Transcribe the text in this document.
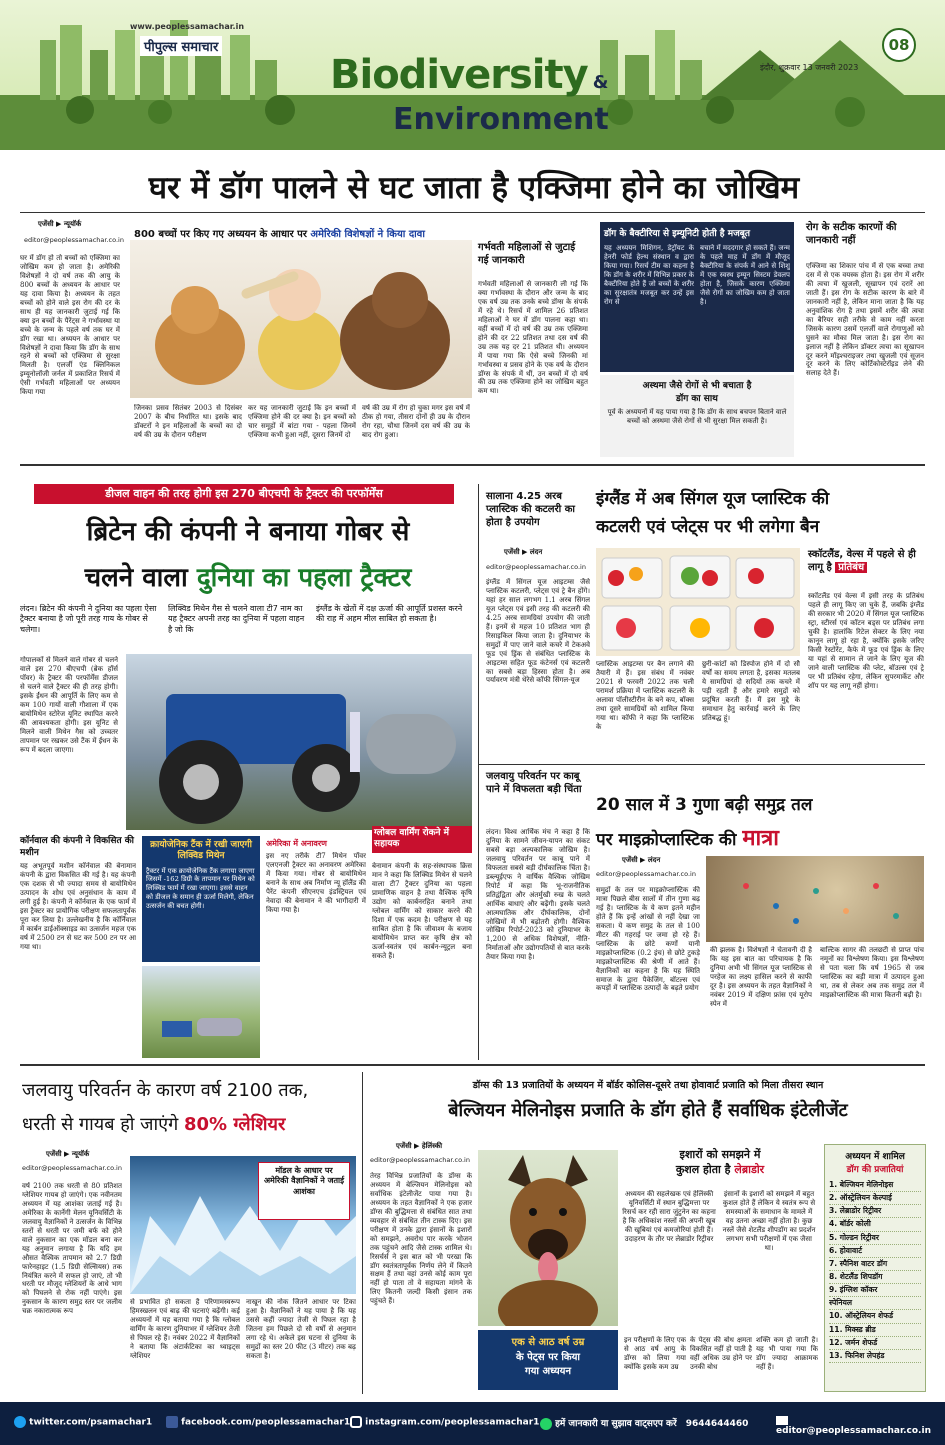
www.peoplessamachar.in
पीपुल्स समाचार
Biodiversity &
Environment
इंदौर, शुक्रवार 13 जनवरी 2023
08
घर में डॉग पालने से घट जाता है एक्जिमा होने का जोखिम
एजेंसी ▶ न्यूयॉर्क
editor@peoplessamachar.co.in
घर में डॉग हो तो बच्चों को एक्जिमा का जोखिम कम हो जाता है। अमेरिकी विशेषज्ञों ने दो वर्ष तक की आयु के 800 बच्चों के अध्ययन के आधार पर यह दावा किया है। अध्ययन के तहत बच्चों को होने वाले इस रोग की दर के साथ ही यह जानकारी जुटाई गई कि क्या इन बच्चों के पैरेंट्स ने गर्भावस्था या बच्चे के जन्म के पहले वर्ष तक घर में डॉग रखा था। अध्ययन के आधार पर विशेषज्ञों ने दावा किया कि डॉग के साथ रहने से बच्चों को एक्जिमा से सुरक्षा मिलती है। एलर्जी एंड क्लिनिकल इम्यूनोलॉजी जर्नल में प्रकाशित रिसर्च में ऐसी गर्भवती महिलाओं पर अध्ययन किया गया
800 बच्चों पर किए गए अध्ययन के आधार पर अमेरिकी विशेषज्ञों ने किया दावा
जिनका प्रसव सितंबर 2003 से दिसंबर 2007 के बीच निर्धारित था। इसके बाद डॉक्टरों ने इन महिलाओं के बच्चों का दो वर्ष की उम्र के दौरान परीक्षण
कर यह जानकारी जुटाई कि इन बच्चों में एक्जिमा होने की दर क्या है। इन बच्चों को चार समूहों में बांटा गया - पहला जिनमें एक्जिमा कभी हुआ नहीं, दूसरा जिनमें दो
वर्ष की उम्र में रोग हो चुका मगर इस वर्ष में ठीक हो गया, तीसरा दोनों ही उम्र के दौरान रोग रहा, चौथा जिनमें दस वर्ष की उम्र के बाद रोग हुआ।
गर्भवती महिलाओं से जुटाई गई जानकारी
गर्भवती महिलाओं से जानकारी ली गई कि क्या गर्भावस्था के दौरान और जन्म के बाद एक वर्ष उम्र तक उनके बच्चे डॉग्स के संपर्क में रहे थे। रिसर्च में शामिल 26 प्रतिशत महिलाओं ने घर में डॉग पालना कहा था। वहीं बच्चों में दो वर्ष की उम्र तक एक्जिमा होने की दर 22 प्रतिशत तथा दस वर्ष की उम्र तक यह दर 21 प्रतिशत थी। अध्ययन में पाया गया कि ऐसे बच्चे जिनकी मां गर्भावस्था व प्रसव होने के एक वर्ष के दौरान डॉग्स के संपर्क में थीं, उन बच्चों में दो वर्ष की उम्र तक एक्जिमा होने का जोखिम बहुत कम था।
डॉग के बैक्टीरिया से इम्यूनिटी होती है मजबूत
यह अध्ययन मिशिगन, डेट्रॉयट के हेनरी फोर्ड हेल्थ संस्थान व द्वारा किया गया। रिसर्च टीम का कहना है कि डॉग के शरीर में विभिन्न प्रकार के बैक्टीरिया होते हैं जो बच्चों के शरीर का सुरक्षातंत्र मजबूत कर उन्हें इस रोग से
बचाने में मददगार हो सकते हैं। जन्म के पहले माह में डॉग में मौजूद बैक्टीरिया के संपर्क में आने से शिशु में एक स्वस्थ इम्यून सिस्टम डेवलप होता है, जिसके कारण एक्जिमा जैसे रोगों का जोखिम कम हो जाता है।
अस्थमा जैसे रोगों से भी बचाता है डॉग का साथ
पूर्व के अध्ययनों में यह पाया गया है कि डॉग के साथ बचपन बिताने वाले बच्चों को अस्थमा जैसे रोगों से भी सुरक्षा मिल सकती है।
रोग के सटीक कारणों की जानकारी नहीं
एक्जिमा का शिकार पांच में से एक बच्चा तथा दस में से एक वयस्क होता है। इस रोग में शरीर की त्वचा में खुजली, सूखापन एवं दरारें आ जाती हैं। इस रोग के सटीक कारण के बारे में जानकारी नहीं है, लेकिन माना जाता है कि यह अनुवांशिक रोग है तथा इसमें शरीर की त्वचा का बैरियर सही तरीके से काम नहीं करता जिसके कारण उसमें एलर्जी वाले रोगाणुओं को घुसने का मौका मिल जाता है। इस रोग का इलाज नहीं है लेकिन डॉक्टर त्वचा का सूखापन दूर करने मॉइश्चराइजर तथा खुजली एवं सूजन दूर करने के लिए कोर्टिकोस्टेरॉइड लेने की सलाह देते हैं।
डीजल वाहन की तरह होगी इस 270 बीएचपी के ट्रैक्टर की परफॉर्मेंस
ब्रिटेन की कंपनी ने बनाया गोबर से
चलने वाला दुनिया का पहला ट्रैक्टर
लंदन। ब्रिटेन की कंपनी ने दुनिया का पहला ऐसा ट्रैक्टर बनाया है जो पूरी तरह गाय के गोबर से चलेगा।
लिक्विड मिथेन गैस से चलने वाला टी7 नाम का यह ट्रैक्टर अपनी तरह का दुनिया में पहला वाहन है जो कि
इंग्लैंड के खेतों में दक्ष ऊर्जा की आपूर्ति प्रशस्त करने की राह में अहम मील साबित हो सकता है।
गोपालकों से मिलने वाले गोबर से चलने वाले इस 270 बीएचपी (ब्रेक हॉर्स पॉवर) के ट्रैक्टर की परफॉर्मेंस डीजल से चलने वाले ट्रैक्टर की ही तरह होगी। इसके ईंधन की आपूर्ति के लिए कम से कम 100 गायों वाली गौशाला में एक बायोमिथेन स्टोरेज यूनिट स्थापित करने की आवश्यकता होगी। इस यूनिट से मिलने वाली मिथेन गैस को उच्चतर तापमान पर रखकर उसे टैंक में ईंधन के रूप में बदला जाएगा।
कॉर्नवाल की कंपनी ने विकसित की मशीन
यह अभूतपूर्व मशीन कॉर्नवाल की बेनामान कंपनी के द्वारा विकसित की गई है। यह कंपनी एक दशक से भी ज्यादा समय से बायोमिथेन उत्पादन के शोध एवं अनुसंधान के काम में लगी हुई है। कंपनी ने कॉर्नवाल के एक फार्म में इस ट्रैक्टर का प्रायोगिक परीक्षण सफलतापूर्वक पूरा कर लिया है। उल्लेखनीय है कि कॉर्निवाल में कार्बन डाईऑक्साइड का उत्सर्जन महज एक वर्ष में 2500 टन से घट कर 500 टन पर आ गया था।
क्रायोजेनिक टैंक में रखी जाएगी लिक्विड मिथेन
ट्रैक्टर में एक क्रायोजेनिक टैंक लगाया जाएगा जिसमें -162 डिग्री के तापमान पर मिथेन को लिक्विड फार्म में रखा जाएगा। इससे वाहन को डीजल के समान ही ऊर्जा मिलेगी, लेकिन उत्सर्जन की बचत होगी।
अमेरिका में अनावरण
इस नए तरीके टी7 मिथेन पॉवर एलएनजी ट्रैक्टर का अनावरण अमेरिका में किया गया। गोबर से बायोमिथेन बनाने के साथ अब निर्माण न्यू हॉलैंड की पैरेंट कंपनी सीएनएच इंडस्ट्रियल एवं नेवादा की बेनामान ने की भागीदारी में किया गया है।
ग्लोबल वार्मिंग रोकने में सहायक
बेनामान कंपनी के सह-संस्थापक क्रिस मान ने कहा कि लिक्विड मिथेन से चलने वाला टी7 ट्रैक्टर दुनिया का पहला प्रामाणिक वाहन है तथा वैश्विक कृषि उद्योग को कार्बनरहित बनाने तथा ग्लोबल वार्मिंग को साकार करने की दिशा में एक कदम है। परीक्षण से यह साबित होता है कि जीवाश्म के बजाय बायोमिथेन प्राप्त कर कृषि क्षेत्र को ऊर्जा-स्वतंत्र एवं कार्बन-न्यूट्रल बना सकते हैं।
सालाना 4.25 अरब प्लास्टिक की कटलरी का होता है उपयोग
एजेंसी ▶ लंदन
editor@peoplessamachar.co.in
इंग्लैंड में सिंगल यूज आइटम्स जैसे प्लास्टिक कटलरी, प्लेट्स एवं ट्रे बैन होंगे। यहां हर साल लगभग 1.1 अरब सिंगल यूज प्लेट्स एवं इसी तरह की कटलरी की 4.25 अरब सामग्रियां उपयोग की जाती हैं। इनमें से महज 10 प्रतिशत भाग ही रिसाइकिल किया जाता है। दुनियाभर के समुद्रों में पाए जाने वाले कचरे में टेकअवे फूड एवं ड्रिंक से संबंधित प्लास्टिक के आइटम्स सहित फूड कंटेनर्स एवं कटलरी का सबसे बड़ा हिस्सा होता है। अब पर्यावरण मंत्री थेरेसे कॉफी सिंगल-यूज
इंग्लैंड में अब सिंगल यूज प्लास्टिक की
कटलरी एवं प्लेट्स पर भी लगेगा बैन
स्कॉटलैंड, वेल्स में पहले से ही लागू है प्रतिबंध
स्कॉटलैंड एवं वेल्स में इसी तरह के प्रतिबंध पहले ही लागू किए जा चुके हैं, जबकि इंग्लैंड की सरकार भी 2020 में सिंगल यूज प्लास्टिक स्ट्रा, स्टीरर्स एवं कॉटन बड्स पर प्रतिबंध लगा चुकी है। हालांकि रिटेल सेक्टर के लिए नया कानून लागू हो रहा है, क्योंकि इसके जरिए किसी रेस्टोरेंट, कैफे में फूड एवं ड्रिंक के लिए या यहां से सामान ले जाने के लिए यूज की जाने वाली प्लास्टिक की प्लेट, बॉउल्स एवं ट्रे पर भी प्रतिबंध रहेगा, लेकिन सुपरमार्केट और शॉप पर यह लागू नहीं होगा।
प्लास्टिक आइटम्स पर बैन लगाने की तैयारी में हैं। इस संबंध में नवंबर 2021 से फरवरी 2022 तक चली परामर्श प्रक्रिया में प्लास्टिक कटलरी के अलावा पॉलीस्टीरीन के बने कप, बॉक्स तथा दूसरे सामग्रियों को शामिल किया गया था। कॉफी ने कहा कि प्लास्टिक के
छुरी-कांटों को डिस्पोज होने में दो सौ वर्षों का समय लगता है, इसका मतलब ये सामग्रियां दो सदियों तक कचरे में पड़ी रहती हैं और हमारे समुद्रों को प्रदूषित करती हैं। मैं इस मुद्दे के समाधान हेतु कार्रवाई करने के लिए प्रतिबद्ध हूं।
जलवायु परिवर्तन पर काबू पाने में विफलता बड़ी चिंता
लंदन। विश्व आर्थिक मंच ने कहा है कि दुनिया के सामने जीवन-यापन का संकट सबसे बड़ा अल्पकालिक जोखिम है। जलवायु परिवर्तन पर काबू पाने में विफलता सबसे बड़ी दीर्घकालिक चिंता है। डब्ल्यूईएफ ने वार्षिक वैश्विक जोखिम रिपोर्ट में कहा कि भू-राजनीतिक प्रतिद्वंद्विता और अंतर्मुखी रुख के चलते आर्थिक बाधाएं और बढ़ेंगी। इसके चलते आत्मघातिक और दीर्घकालिक, दोनों जोखिमों में भी बढ़ोतरी होगी। वैश्विक जोखिम रिपोर्ट-2023 को दुनियाभर के 1,200 से अधिक विशेषज्ञों, नीति-निर्माताओं और उद्योगपतियों से बात करके तैयार किया गया है।
20 साल में 3 गुणा बढ़ी समुद्र तल
पर माइक्रोप्लास्टिक की मात्रा
एजेंसी ▶ लंदन
editor@peoplessamachar.co.in
समुद्रों के तल पर माइक्रोप्लास्टिक की मात्रा पिछले बीस सालों में तीन गुणा बढ़ गई है। प्लास्टिक के ये कण इतने महीन होते हैं कि इन्हें आंखों से नहीं देखा जा सकता। ये कण समुद्र के तल से 100 मीटर की गहराई पर जमा हो रहे हैं। प्लास्टिक के छोटे कणों यानी माइक्रोप्लास्टिक (0.2 इंच) से छोटे टुकड़े माइक्रोप्लास्टिक की श्रेणी में आते हैं। वैज्ञानिकों का कहना है कि यह स्थिति समाज के द्वारा पैकेजिंग, बॉटल्स एवं कपड़ों में प्लास्टिक उत्पादों के बढ़ते प्रयोग
की झलक है। विशेषज्ञों ने चेतावनी दी है कि यह इस बात का परिचायक है कि दुनिया अभी भी सिंगल यूज प्लास्टिक से परहेज का लक्ष्य हासिल करने से काफी दूर है। इस अध्ययन के तहत वैज्ञानिकों ने नवंबर 2019 में दक्षिण फ्रांस एवं यूरोप स्पेन में
बाल्टिक सागर की तलछटी से प्राप्त पांच नमूनों का विश्लेषण किया। इस विश्लेषण से पता चला कि वर्ष 1965 से जब प्लास्टिक का बड़ी मात्रा में उत्पादन हुआ था, तब से लेकर अब तक समुद्र तल में माइक्रोप्लास्टिक की मात्रा कितनी बढ़ी है।
जलवायु परिवर्तन के कारण वर्ष 2100 तक,
धरती से गायब हो जाएंगे 80% ग्लेशियर
एजेंसी ▶ न्यूयॉर्क
editor@peoplessamachar.co.in
वर्ष 2100 तक धरती से 80 प्रतिशत ग्लेशियर गायब हो जाएंगे। एक नवीनतम अध्ययन में यह आशंका जताई गई है। अमेरिका के कार्नेगी मेलन यूनिवर्सिटी के जलवायु वैज्ञानिकों ने उत्सर्जन के विभिन्न स्तरों से धरती पर जमी बर्फ को होने वाले नुकसान का एक मॉडल बना कर यह अनुमान लगाया है कि यदि हम औसत वैश्विक तापमान को 2.7 डिग्री फारेनहाइट (1.5 डिग्री सेल्सियस) तक नियंत्रित करने में सफल हो जाएं, तो भी धरती पर मौजूद ग्लेशियरों के आधे भाग को पिघलने से रोक नहीं पाएंगे। इस नुकसान के कारण समुद्र स्तर पर जलीय चक्र नकारात्मक रूप
मॉडल के आधार पर अमेरिकी वैज्ञानिकों ने जताई आशंका
से प्रभावित हो सकता है परिणामस्वरूप हिमस्खलन एवं बाढ़ की घटनाएं बढ़ेंगी। कई अध्ययनों में यह बताया गया है कि ग्लोबल वार्मिंग के कारण दुनियाभर में ग्लेशियर तेजी से पिघल रहे हैं। नवंबर 2022 में वैज्ञानिकों ने बताया कि अंटार्कटिका का थ्वाइट्स ग्लेशियर
नाखून की नोक जितने आधार पर टिका हुआ है। वैज्ञानिकों ने यह पाया है कि यह उससे कहीं ज्यादा तेजी से पिघल रहा है जितना हम पिछले दो सौ वर्षों से अनुमान लगा रहे थे। अकेले इस घटना से दुनिया के समुद्रों का स्तर 20 फीट (3 मीटर) तक बढ़ सकता है।
डॉग्स की 13 प्रजातियों के अध्ययन में बॉर्डर कोलिस-दूसरे तथा होवावार्ट प्रजाति को मिला तीसरा स्थान
बेल्जियन मेलिनोइस प्रजाति के डॉग होते हैं सर्वाधिक इंटेलीजेंट
एजेंसी ▶ हेलिंस्की
editor@peoplessamachar.co.in
तेरह विभिन्न प्रजातियों के डॉग्स के अध्ययन में बेल्जियन मेलिनोइस को सर्वाधिक इंटेलीजेंट पाया गया है। अध्ययन के तहत वैज्ञानिकों ने एक हजार डॉग्स की बुद्धिमत्ता से संबंधित सात तथा व्यवहार से संबंधित तीन टास्क दिए। इस परीक्षण में उनके द्वारा इंसानों के इशारों को समझने, अवरोध पार करके भोजन तक पहुंचने आदि जैसे टास्क शामिल थे। रिसर्चर्स ने इस बात को भी परखा कि डॉग स्वतंत्रतापूर्वक निर्णय लेने में कितने सक्षम हैं तथा वहां उनसे कोई काम पूरा नहीं हो पाता तो वे सहायता मांगने के लिए कितनी जल्दी किसी इंसान तक पहुंचते हैं।
इशारों को समझने में
कुशल होता है लेब्राडोर
अध्ययन की सहलेखक एवं हेलिंस्की यूनिवर्सिटी में स्थान बुद्धिमत्ता पर रिसर्च कर रही सारा जुंटुनेन का कहना है कि अधिकांश नस्लों की अपनी खूब की खूबियां एवं कमजोरियां होती हैं। उदाहरण के तौर पर लेब्राडोर रिट्रीवर
इंसानों के इशारों को समझने में बहुत कुशल होते हैं लेकिन ये स्वतंत्र रूप से समस्याओं के समाधान के मामले में वह उतना अच्छा नहीं होता है। कुछ नस्लें जैसे शेटलैंड शीपडॉग का प्रदर्शन लगभग सभी परीक्षणों में एक जैसा था।
एक से आठ वर्ष उम्र
के पेट्स पर किया
गया अध्ययन
इन परीक्षणों के लिए एक से आठ वर्ष आयु के डॉग्स को लिया गया क्योंकि इसके कम उम्र
के पेट्स की बोध क्षमता विकसित नहीं हो पाती है वहीं अधिक उम्र होने पर उनकी बोध
शक्ति कम हो जाती है। यह भी पाया गया कि डॉग ज्यादा आक्रामक नहीं हैं।
अध्ययन में शामिल
डॉग की प्रजातियां
1. बेल्जियन मेलिनोइस
2. ऑस्ट्रेलियन केल्पाई
3. लेब्राडोर रिट्रीवर
4. बॉर्डर कोली
5. गोल्डन रिट्रीवर
6. होवावार्ट
7. स्पैनिश वाटर डॉग
8. शेटलैंड शिपडॉग
9. इंग्लिश कॉकर
स्पेनियल
10. ऑस्ट्रेलियन शेफर्ड
11. मिक्स्ड ब्रीड
12. जर्मन शेफर्ड
13. फिनिश लेपहंड
twitter.com/psamachar1	facebook.com/peoplessamachar1	instagram.com/peoplessamachar1	हमें जानकारी या सुझाव वाट्सएप करें 9644644460
editor@peoplessamachar.co.in
